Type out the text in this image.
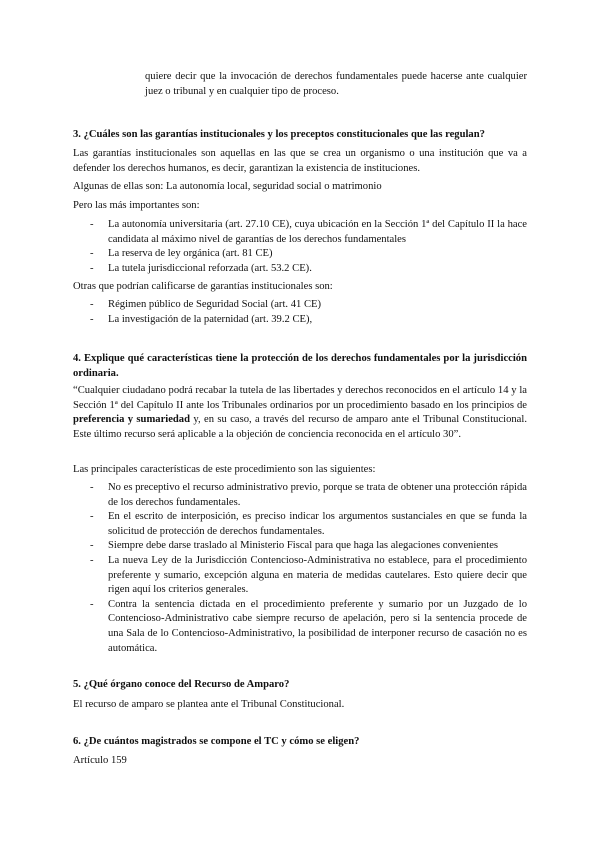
quiere decir que la invocación de derechos fundamentales puede hacerse ante cualquier juez o tribunal y en cualquier tipo de proceso.

3. ¿Cuáles son las garantías institucionales y los preceptos constitucionales que las regulan?

Las garantías institucionales son aquellas en las que se crea un organismo o una institución que va a defender los derechos humanos, es decir, garantizan la existencia de instituciones.

Algunas de ellas son: La autonomía local, seguridad social o matrimonio

Pero las más importantes son:

- La autonomía universitaria (art. 27.10 CE), cuya ubicación en la Sección 1ª del Capítulo II la hace candidata al máximo nivel de garantías de los derechos fundamentales
- La reserva de ley orgánica (art. 81 CE)
- La tutela jurisdiccional reforzada (art. 53.2 CE).

Otras que podrían calificarse de garantías institucionales son:

- Régimen público de Seguridad Social (art. 41 CE)
- La investigación de la paternidad (art. 39.2 CE),

4. Explique qué características tiene la protección de los derechos fundamentales por la jurisdicción ordinaria.

“Cualquier ciudadano podrá recabar la tutela de las libertades y derechos reconocidos en el artículo 14 y la Sección 1ª del Capítulo II ante los Tribunales ordinarios por un procedimiento basado en los principios de preferencia y sumariedad y, en su caso, a través del recurso de amparo ante el Tribunal Constitucional. Este último recurso será aplicable a la objeción de conciencia reconocida en el artículo 30”.

Las principales características de este procedimiento son las siguientes:

- No es preceptivo el recurso administrativo previo, porque se trata de obtener una protección rápida de los derechos fundamentales.
- En el escrito de interposición, es preciso indicar los argumentos sustanciales en que se funda la solicitud de protección de derechos fundamentales.
- Siempre debe darse traslado al Ministerio Fiscal para que haga las alegaciones convenientes
- La nueva Ley de la Jurisdicción Contencioso-Administrativa no establece, para el procedimiento preferente y sumario, excepción alguna en materia de medidas cautelares. Esto quiere decir que rigen aquí los criterios generales.
- Contra la sentencia dictada en el procedimiento preferente y sumario por un Juzgado de lo Contencioso-Administrativo cabe siempre recurso de apelación, pero si la sentencia procede de una Sala de lo Contencioso-Administrativo, la posibilidad de interponer recurso de casación no es automática.

5. ¿Qué órgano conoce del Recurso de Amparo?

El recurso de amparo se plantea ante el Tribunal Constitucional.

6. ¿De cuántos magistrados se compone el TC y cómo se eligen?

Artículo 159
